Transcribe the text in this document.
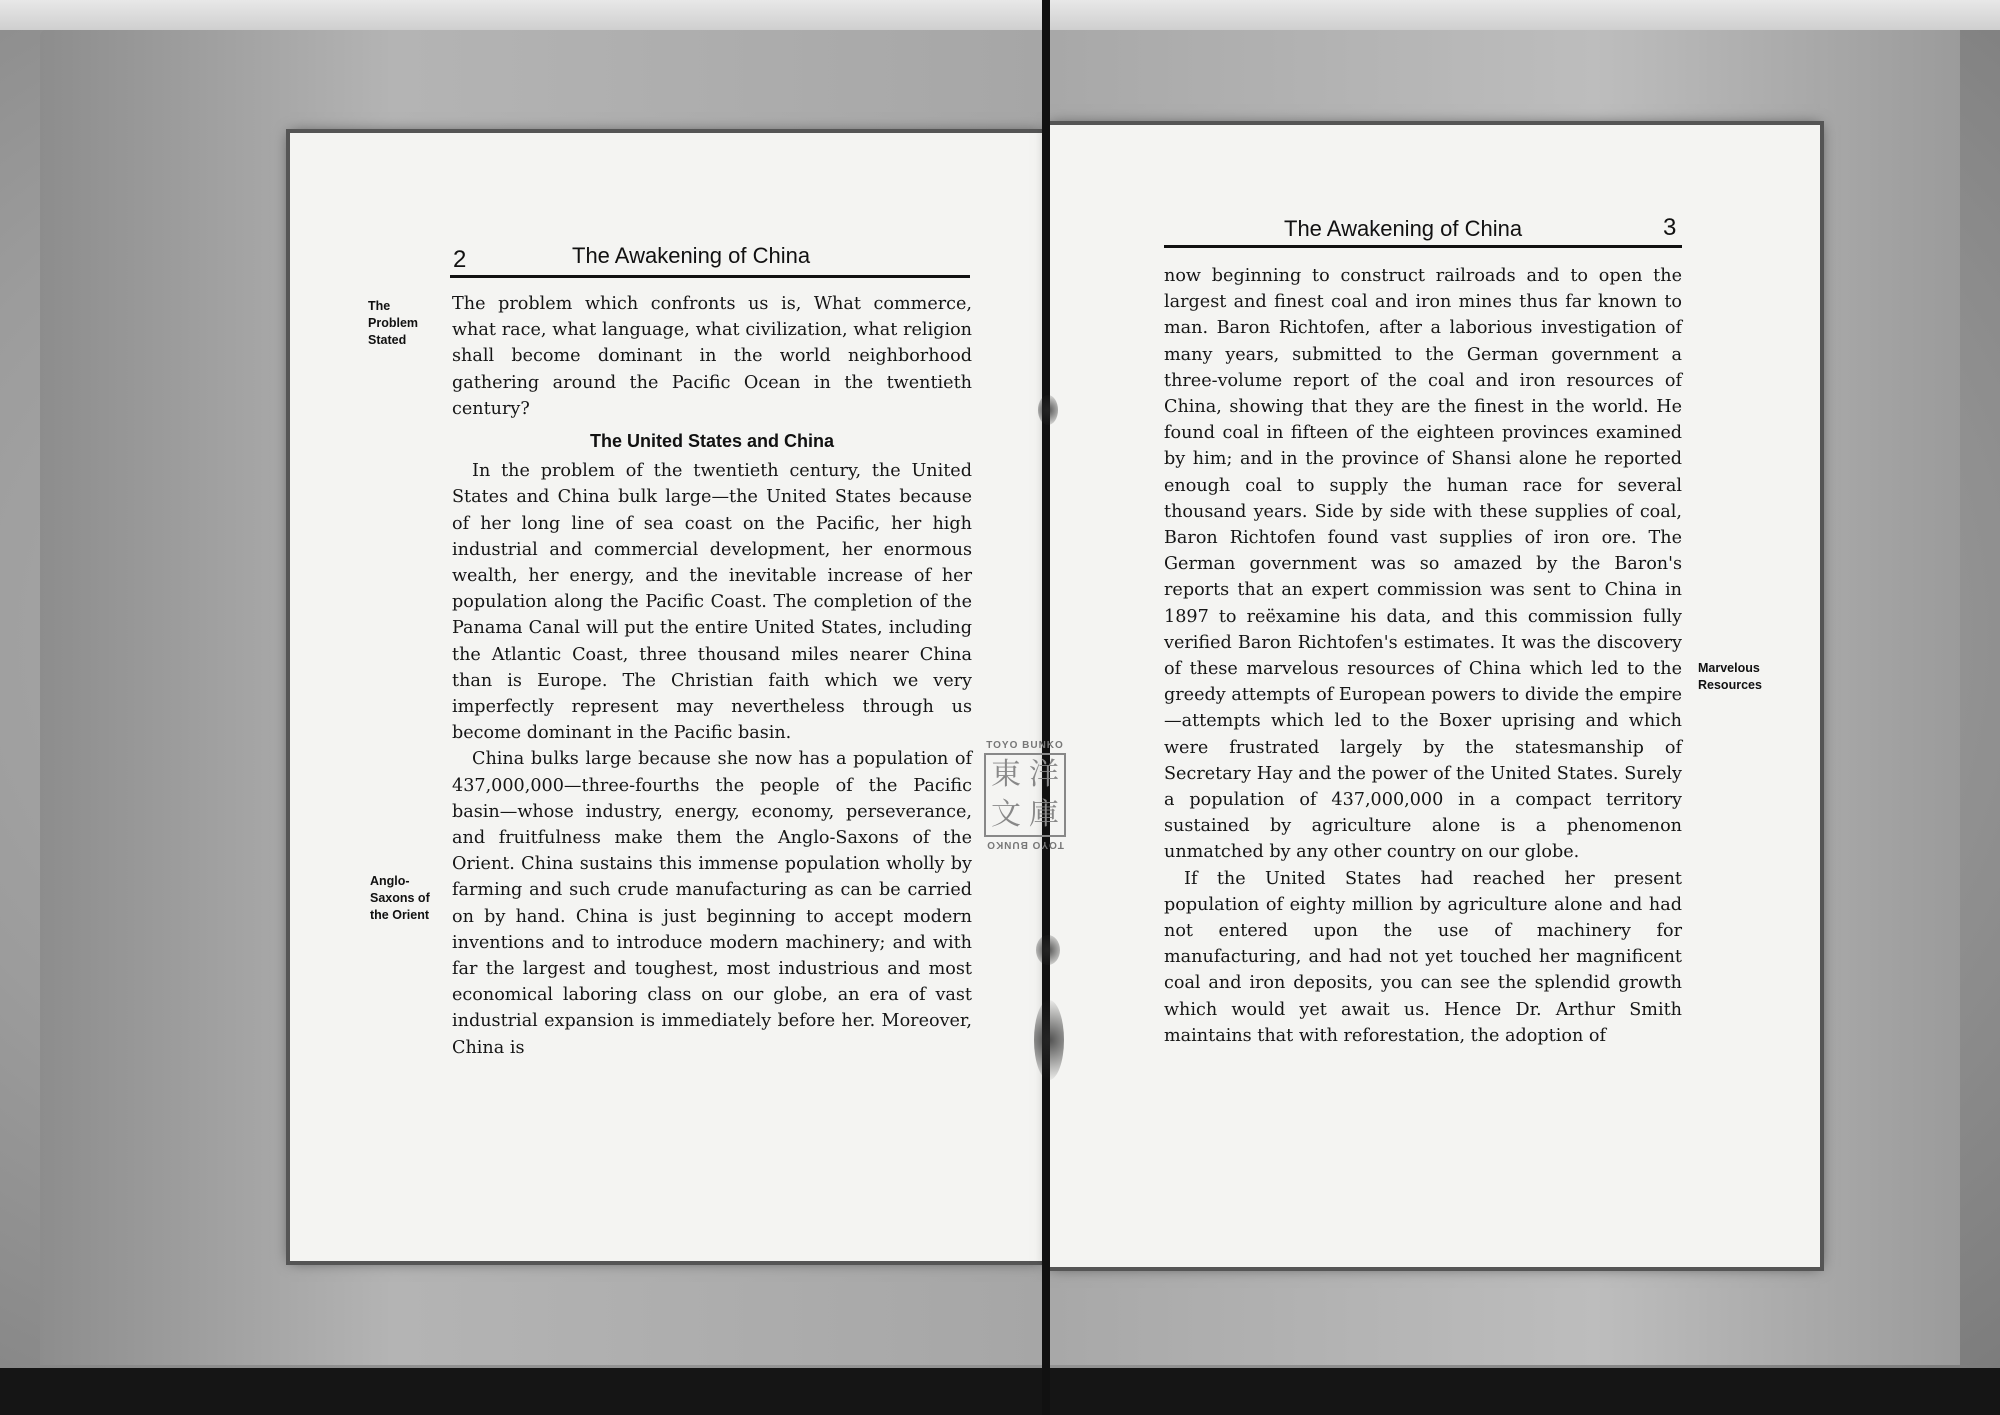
2	The Awakening of China
The
Problem
Stated
Anglo-
Saxons of
the Orient

The problem which confronts us is, What commerce, what race, what language, what civilization, what religion shall become dominant in the world neighborhood gathering around the Pacific Ocean in the twentieth century?

The United States and China

In the problem of the twentieth century, the United States and China bulk large—the United States because of her long line of sea coast on the Pacific, her high industrial and commercial development, her enormous wealth, her energy, and the inevitable increase of her population along the Pacific Coast. The completion of the Panama Canal will put the entire United States, including the Atlantic Coast, three thousand miles nearer China than is Europe. The Christian faith which we very imperfectly represent may nevertheless through us become dominant in the Pacific basin.

China bulks large because she now has a population of 437,000,000—three-fourths the people of the Pacific basin—whose industry, energy, economy, perseverance, and fruitfulness make them the Anglo-Saxons of the Orient. China sustains this immense population wholly by farming and such crude manufacturing as can be carried on by hand. China is just beginning to accept modern inventions and to introduce modern machinery; and with far the largest and toughest, most industrious and most economical laboring class on our globe, an era of vast industrial expansion is immediately before her. Moreover, China is

The Awakening of China	3

now beginning to construct railroads and to open the largest and finest coal and iron mines thus far known to man. Baron Richtofen, after a laborious investigation of many years, submitted to the German government a three-volume report of the coal and iron resources of China, showing that they are the finest in the world. He found coal in fifteen of the eighteen provinces examined by him; and in the province of Shansi alone he reported enough coal to supply the human race for several thousand years. Side by side with these supplies of coal, Baron Richtofen found vast supplies of iron ore. The German government was so amazed by the Baron's reports that an expert commission was sent to China in 1897 to reëxamine his data, and this commission fully verified Baron Richtofen's estimates. It was the discovery of these marvelous resources of China which led to the greedy attempts of European powers to divide the empire—attempts which led to the Boxer uprising and which were frustrated largely by the statesmanship of Secretary Hay and the power of the United States. Surely a population of 437,000,000 in a compact territory sustained by agriculture alone is a phenomenon unmatched by any other country on our globe.

If the United States had reached her present population of eighty million by agriculture alone and had not entered upon the use of machinery for manufacturing, and had not yet touched her magnificent coal and iron deposits, you can see the splendid growth which would yet await us. Hence Dr. Arthur Smith maintains that with reforestation, the adoption of

Marvelous
Resources
TOYO BUNKO
東 洋
文 庫
TOYO BUNKO
